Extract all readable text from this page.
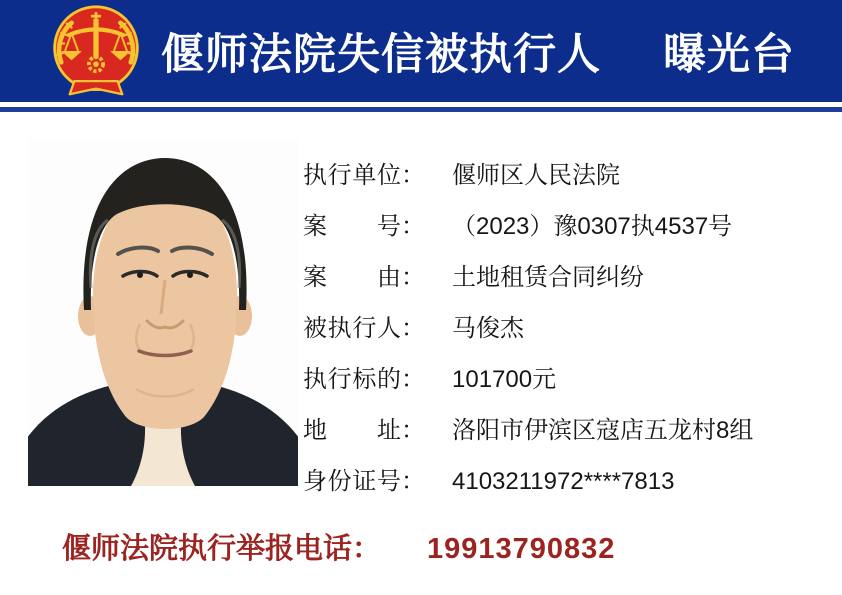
偃师法院失信被执行人 曝光台
执 行 单 位 ： 偃师区人民法院
案 号 ： （2023）豫0307执4537号
案 由 ： 土地租赁合同纠纷
被 执 行 人 ： 马俊杰
执 行 标 的 ： 101700元
地 址 ： 洛阳市伊滨区寇店五龙村8组
身 份 证 号 ： 4103211972****7813
偃师法院执行举报电话： 19913790832
